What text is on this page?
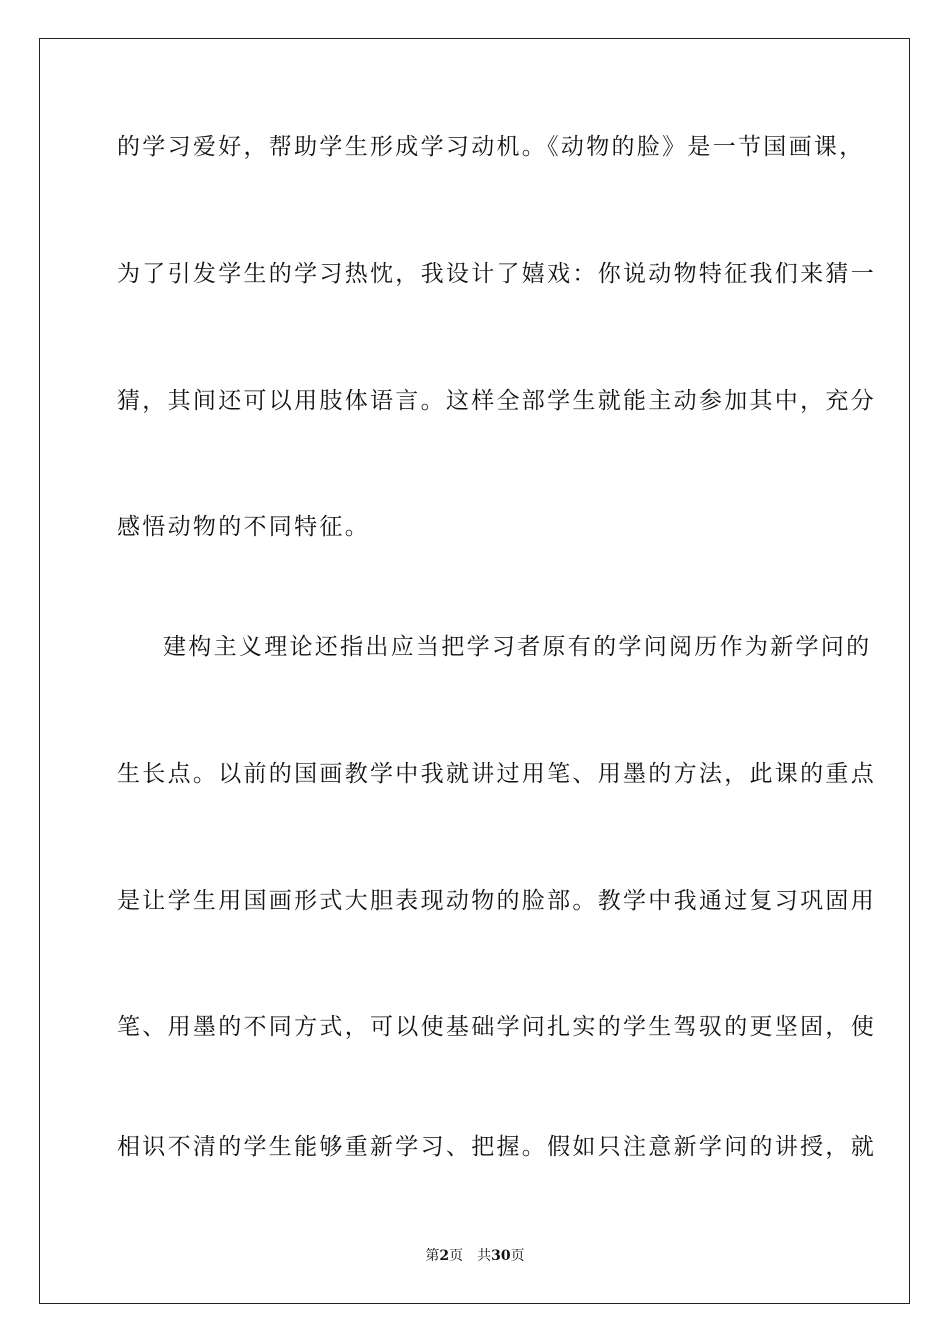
的学习爱好，帮助学生形成学习动机。《动物的脸》是一节国画课，
为了引发学生的学习热忱，我设计了嬉戏：你说动物特征我们来猜一
猜，其间还可以用肢体语言。这样全部学生就能主动参加其中，充分
感悟动物的不同特征。
建构主义理论还指出应当把学习者原有的学问阅历作为新学问的
生长点。以前的国画教学中我就讲过用笔、用墨的方法，此课的重点
是让学生用国画形式大胆表现动物的脸部。教学中我通过复习巩固用
笔、用墨的不同方式，可以使基础学问扎实的学生驾驭的更坚固，使
相识不清的学生能够重新学习、把握。假如只注意新学问的讲授，就
第2页 共30页
